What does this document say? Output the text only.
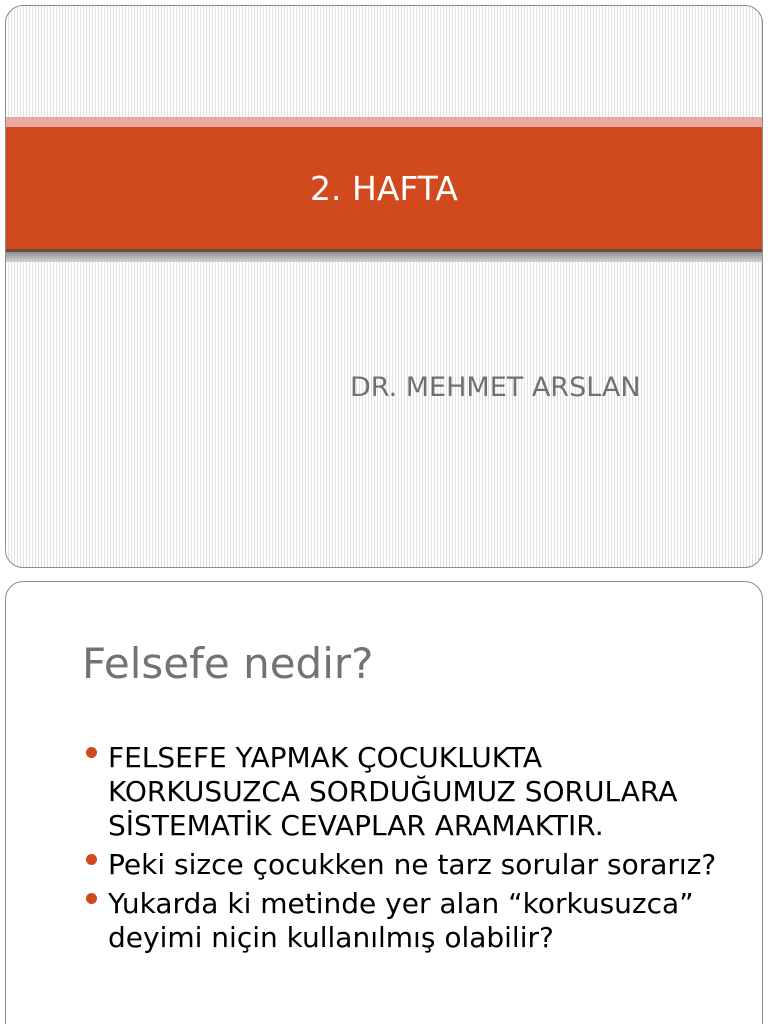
2. HAFTA
DR. MEHMET ARSLAN
Felsefe nedir?
FELSEFE YAPMAK ÇOCUKLUKTA
KORKUSUZCA SORDUĞUMUZ SORULARA
SİSTEMATİK CEVAPLAR ARAMAKTIR.
Peki sizce çocukken ne tarz sorular sorarız?
Yukarda ki metinde yer alan “korkusuzca”
deyimi niçin kullanılmış olabilir?
